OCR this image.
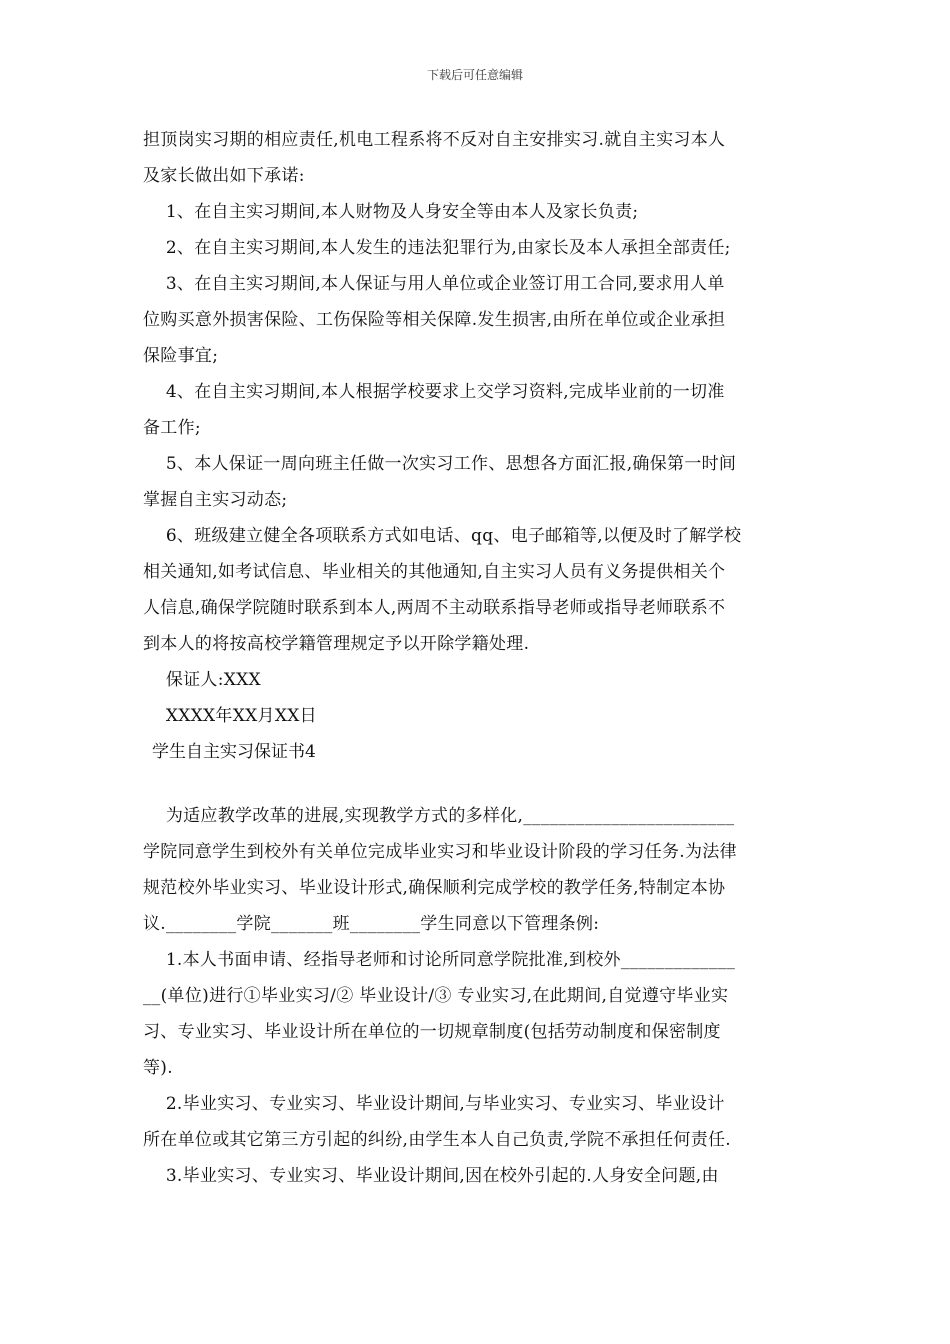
下载后可任意编辑
担顶岗实习期的相应责任,机电工程系将不反对自主安排实习.就自主实习本人
及家长做出如下承诺:
1、在自主实习期间,本人财物及人身安全等由本人及家长负责;
2、在自主实习期间,本人发生的违法犯罪行为,由家长及本人承担全部责任;
3、在自主实习期间,本人保证与用人单位或企业签订用工合同,要求用人单
位购买意外损害保险、工伤保险等相关保障.发生损害,由所在单位或企业承担
保险事宜;
4、在自主实习期间,本人根据学校要求上交学习资料,完成毕业前的一切准
备工作;
5、本人保证一周向班主任做一次实习工作、思想各方面汇报,确保第一时间
掌握自主实习动态;
6、班级建立健全各项联系方式如电话、qq、电子邮箱等,以便及时了解学校
相关通知,如考试信息、毕业相关的其他通知,自主实习人员有义务提供相关个
人信息,确保学院随时联系到本人,两周不主动联系指导老师或指导老师联系不
到本人的将按高校学籍管理规定予以开除学籍处理.
保证人:XXX
XXXX年XX月XX日
学生自主实习保证书4
为适应教学改革的进展,实现教学方式的多样化,________________________
学院同意学生到校外有关单位完成毕业实习和毕业设计阶段的学习任务.为法律
规范校外毕业实习、毕业设计形式,确保顺利完成学校的教学任务,特制定本协
议.________学院_______班________学生同意以下管理条例:
1.本人书面申请、经指导老师和讨论所同意学院批准,到校外_____________
__(单位)进行①毕业实习/② 毕业设计/③ 专业实习,在此期间,自觉遵守毕业实
习、专业实习、毕业设计所在单位的一切规章制度(包括劳动制度和保密制度
等).
2.毕业实习、专业实习、毕业设计期间,与毕业实习、专业实习、毕业设计
所在单位或其它第三方引起的纠纷,由学生本人自己负责,学院不承担任何责任.
3.毕业实习、专业实习、毕业设计期间,因在校外引起的.人身安全问题,由
